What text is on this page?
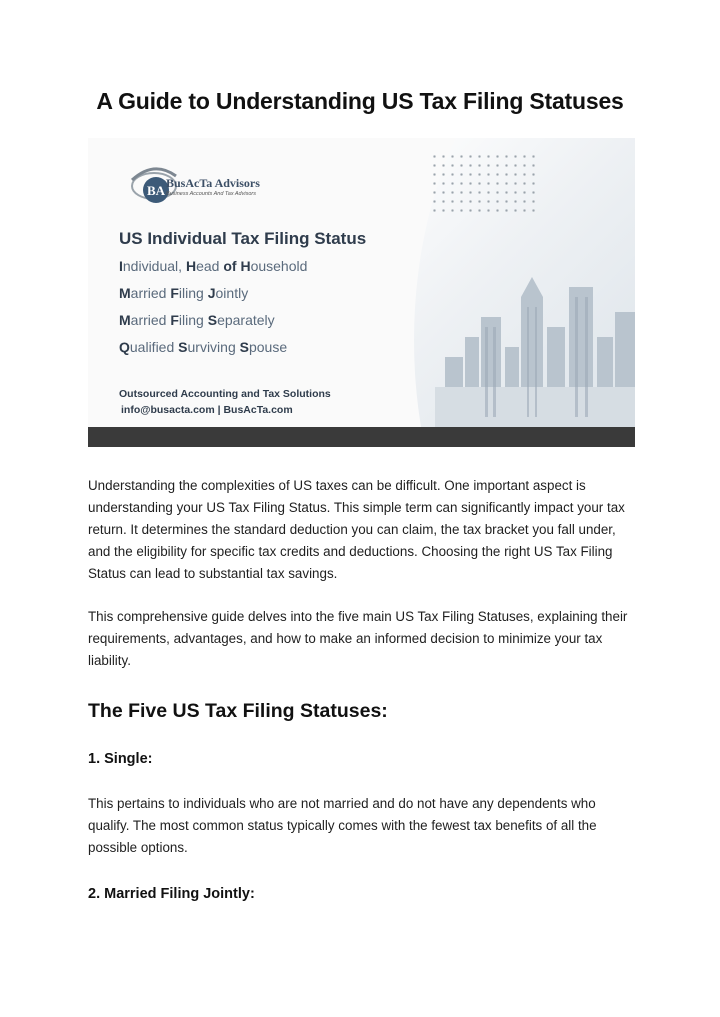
A Guide to Understanding US Tax Filing Statuses
BA BusAcTa Advisors
Business Accounts And Tax Advisors
US Individual Tax Filing Status
Individual, Head of Household
Married Filing Jointly
Married Filing Separately
Qualified Surviving Spouse
Outsourced Accounting and Tax Solutions
info@busacta.com | BusAcTa.com

Understanding the complexities of US taxes can be difficult. One important aspect is understanding your US Tax Filing Status. This simple term can significantly impact your tax return. It determines the standard deduction you can claim, the tax bracket you fall under, and the eligibility for specific tax credits and deductions. Choosing the right US Tax Filing Status can lead to substantial tax savings.

This comprehensive guide delves into the five main US Tax Filing Statuses, explaining their requirements, advantages, and how to make an informed decision to minimize your tax liability.

The Five US Tax Filing Statuses:
1. Single:

This pertains to individuals who are not married and do not have any dependents who qualify. The most common status typically comes with the fewest tax benefits of all the possible options.

2. Married Filing Jointly:
